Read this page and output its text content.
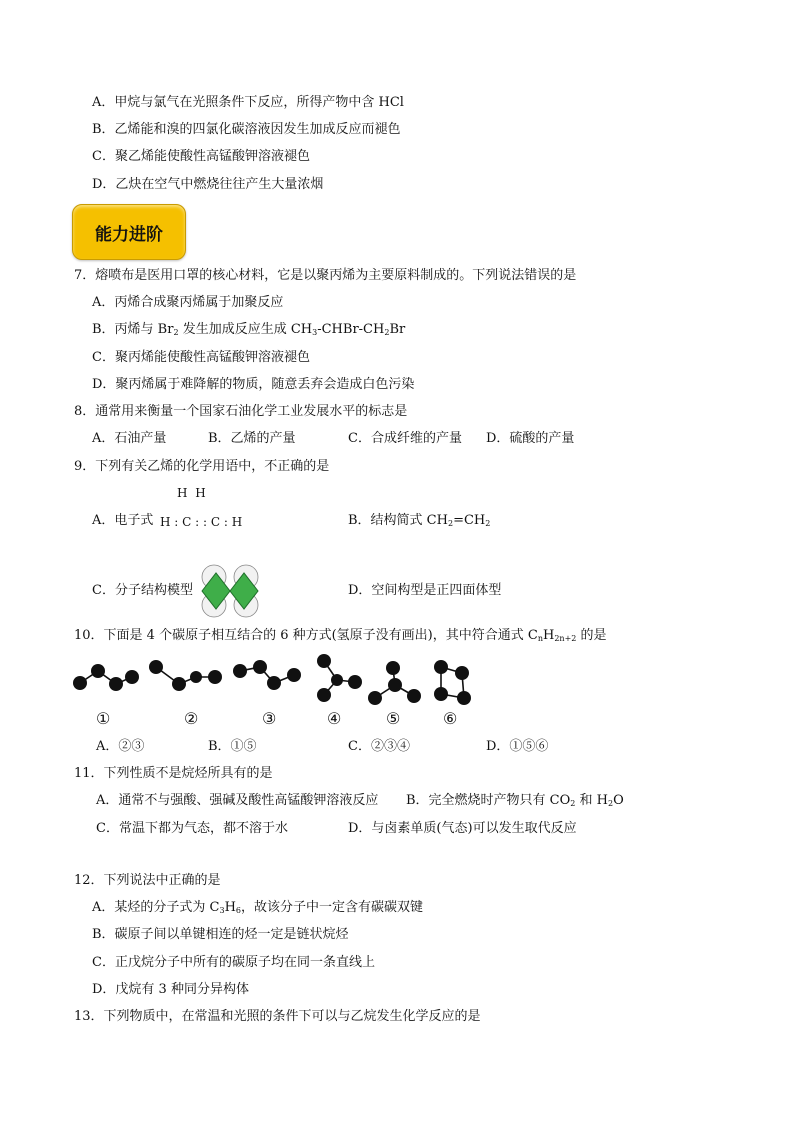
A．甲烷与氯气在光照条件下反应，所得产物中含 HCl
B．乙烯能和溴的四氯化碳溶液因发生加成反应而褪色
C．聚乙烯能使酸性高锰酸钾溶液褪色
D．乙炔在空气中燃烧往往产生大量浓烟
能力进阶
7．熔喷布是医用口罩的核心材料，它是以聚丙烯为主要原料制成的。下列说法错误的是
A．丙烯合成聚丙烯属于加聚反应
B．丙烯与 $Br_2$ 发生加成反应生成 $CH_3-CHBr-CH_2Br$
C．聚丙烯能使酸性高锰酸钾溶液褪色
D．聚丙烯属于难降解的物质，随意丢弃会造成白色污染
8．通常用来衡量一个国家石油化学工业发展水平的标志是
A．石油产量	B．乙烯的产量	C．合成纤维的产量 D．硫酸的产量
9．下列有关乙烯的化学用语中，不正确的是
H H
A．电子式 H : C : : C : H	B．结构简式 $CH_2=CH_2$
C．分子结构模型	D．空间构型是正四面体型
10．下面是 4 个碳原子相互结合的 6 种方式(氢原子没有画出)，其中符合通式 $C_nH_{2n+2}$ 的是
①	②	③	④	⑤	⑥
A．②③	B．①⑤	C．②③④	D．①⑤⑥
11．下列性质不是烷烃所具有的是
A．通常不与强酸、强碱及酸性高锰酸钾溶液反应 B．完全燃烧时产物只有 $CO_2$ 和 $H_2O$
C．常温下都为气态，都不溶于水	D．与卤素单质(气态)可以发生取代反应
12．下列说法中正确的是
A．某烃的分子式为 $C_3H_6$，故该分子中一定含有碳碳双键
B．碳原子间以单键相连的烃一定是链状烷烃
C．正戊烷分子中所有的碳原子均在同一条直线上
D．戊烷有 3 种同分异构体
13．下列物质中，在常温和光照的条件下可以与乙烷发生化学反应的是
